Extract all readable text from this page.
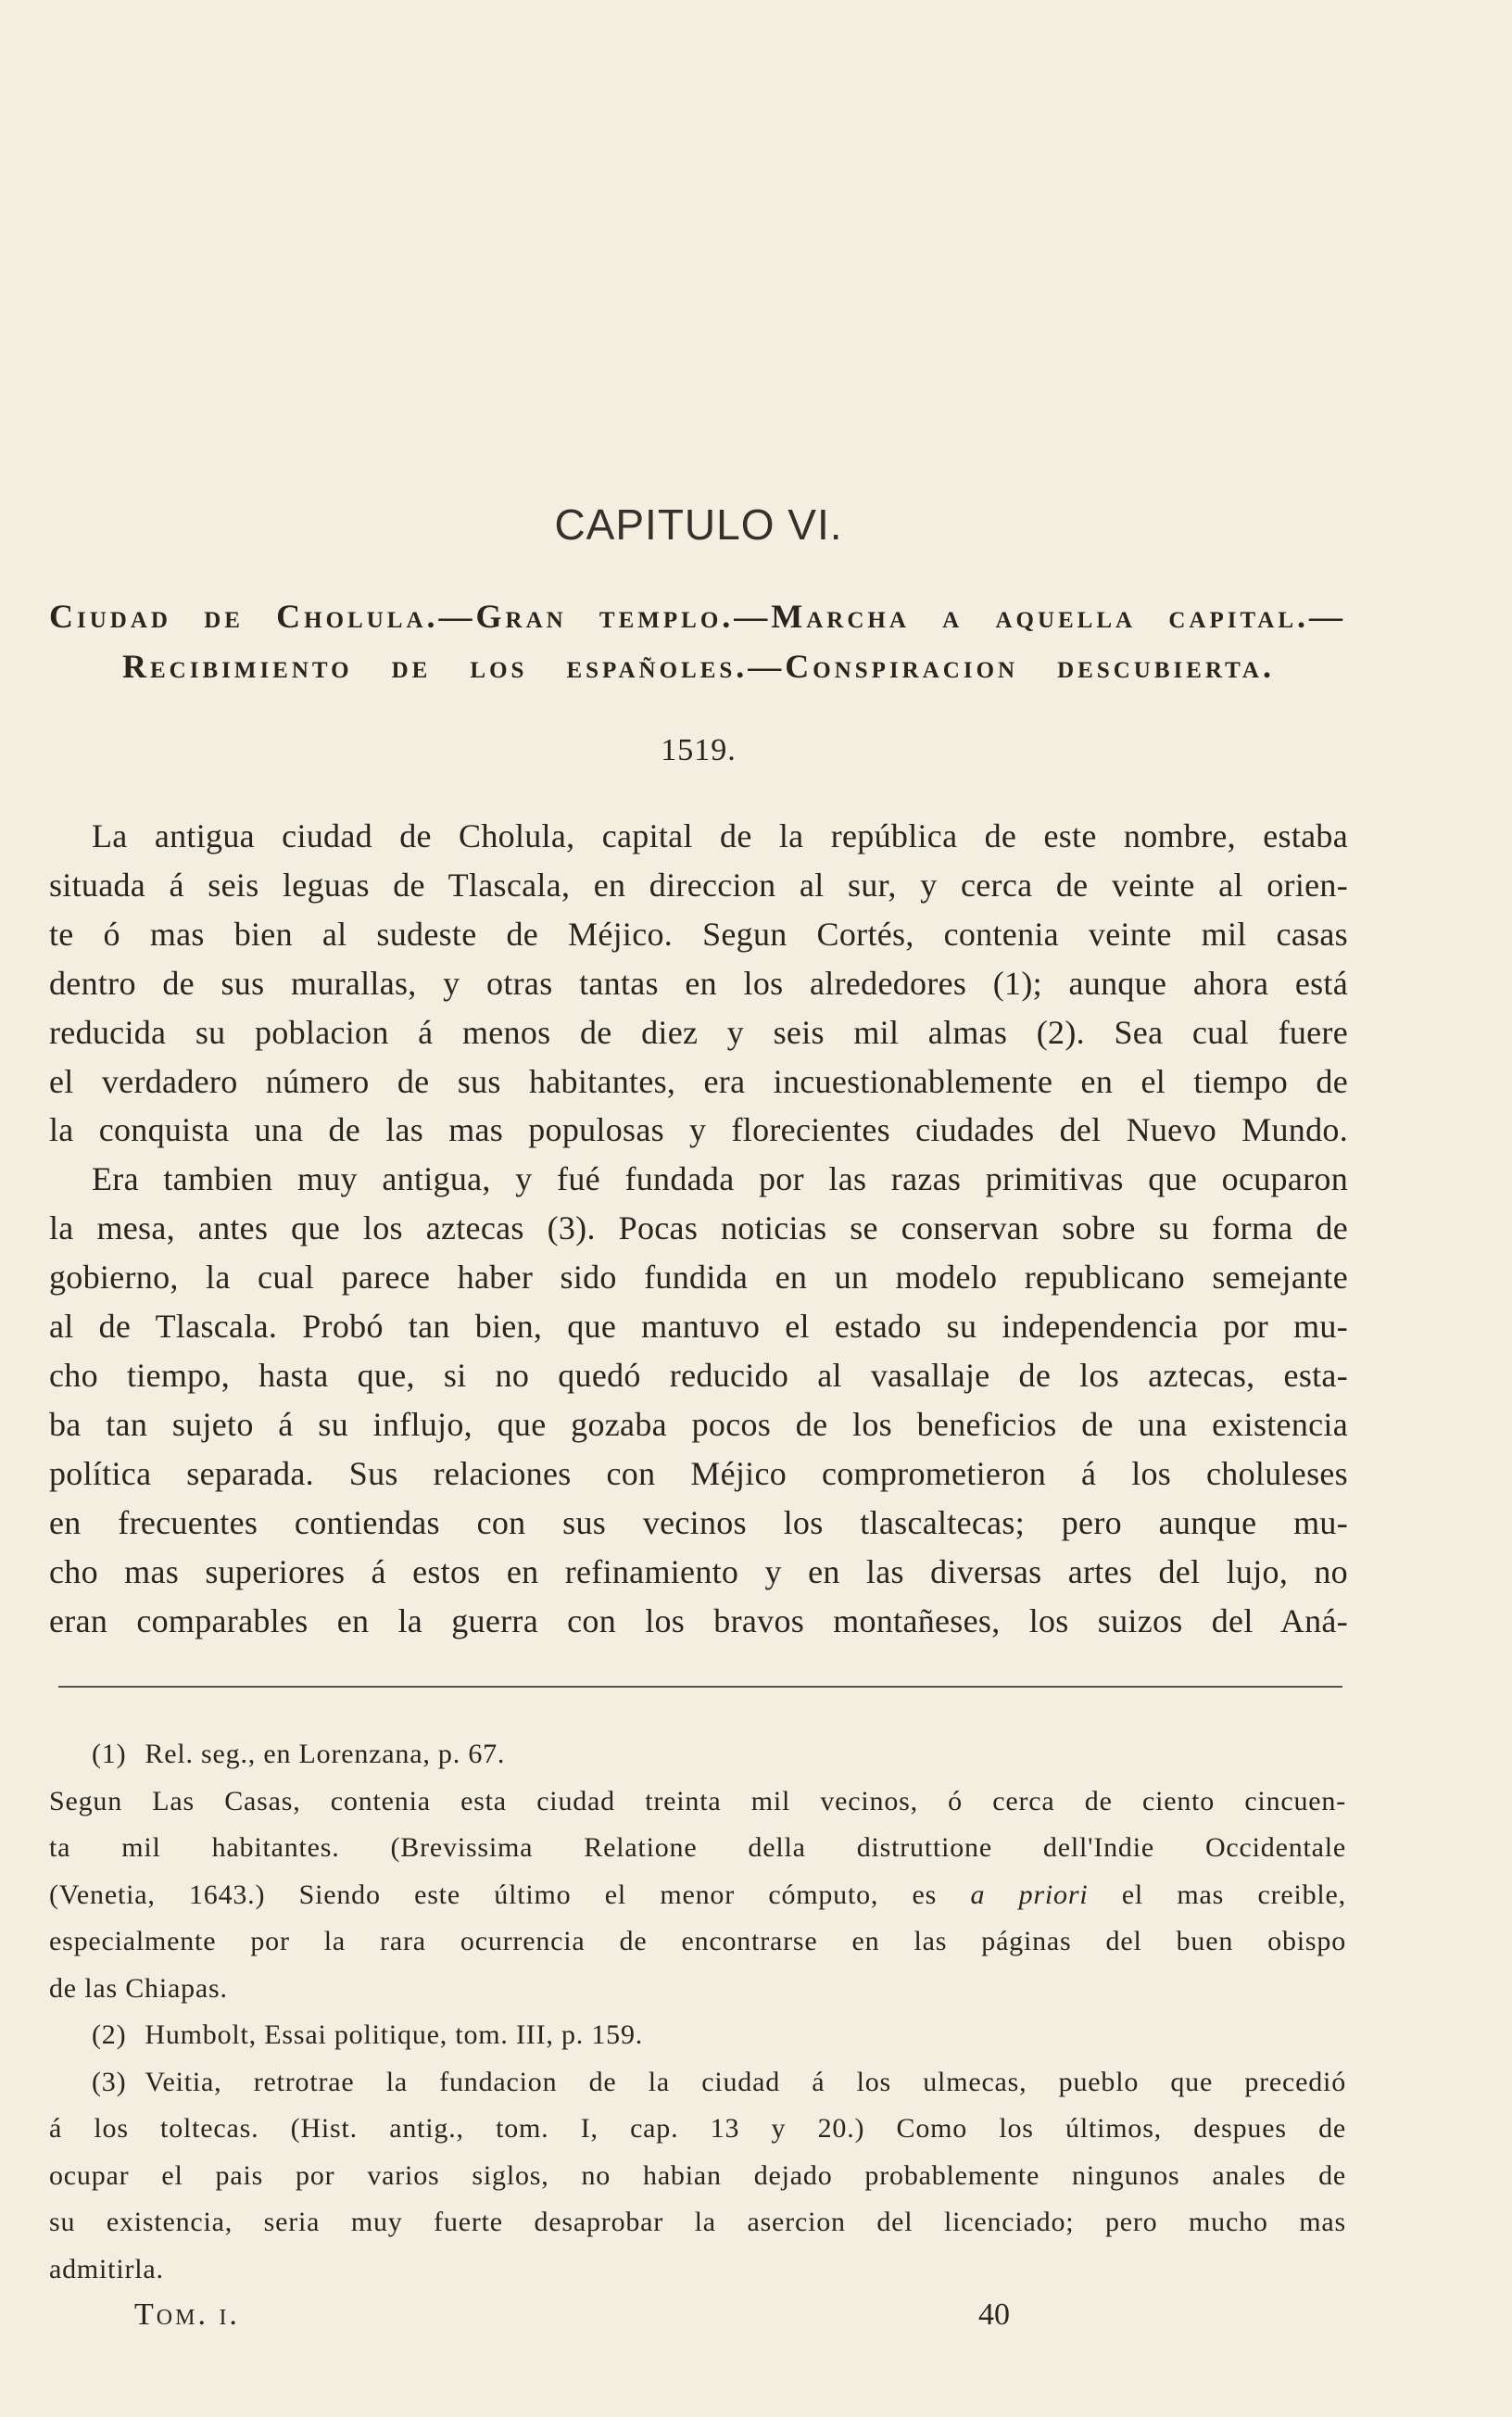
CAPITULO VI.
Ciudad de Cholula.—Gran templo.—Marcha a aquella capital.—
Recibimiento de los españoles.—Conspiracion descubierta.
1519.
La antigua ciudad de Cholula, capital de la república de este nombre, estaba
situada á seis leguas de Tlascala, en direccion al sur, y cerca de veinte al orien-
te ó mas bien al sudeste de Méjico. Segun Cortés, contenia veinte mil casas
dentro de sus murallas, y otras tantas en los alrededores (1); aunque ahora está
reducida su poblacion á menos de diez y seis mil almas (2). Sea cual fuere
el verdadero número de sus habitantes, era incuestionablemente en el tiempo de
la conquista una de las mas populosas y florecientes ciudades del Nuevo Mundo.
Era tambien muy antigua, y fué fundada por las razas primitivas que ocuparon
la mesa, antes que los aztecas (3). Pocas noticias se conservan sobre su forma de
gobierno, la cual parece haber sido fundida en un modelo republicano semejante
al de Tlascala. Probó tan bien, que mantuvo el estado su independencia por mu-
cho tiempo, hasta que, si no quedó reducido al vasallaje de los aztecas, esta-
ba tan sujeto á su influjo, que gozaba pocos de los beneficios de una existencia
política separada. Sus relaciones con Méjico comprometieron á los choluleses
en frecuentes contiendas con sus vecinos los tlascaltecas; pero aunque mu-
cho mas superiores á estos en refinamiento y en las diversas artes del lujo, no
eran comparables en la guerra con los bravos montañeses, los suizos del Aná-
(1) Rel. seg., en Lorenzana, p. 67.
Segun Las Casas, contenia esta ciudad treinta mil vecinos, ó cerca de ciento cincuen-
ta mil habitantes. (Brevissima Relatione della distruttione dell'Indie Occidentale
(Venetia, 1643.) Siendo este último el menor cómputo, es a priori el mas creible,
especialmente por la rara ocurrencia de encontrarse en las páginas del buen obispo
de las Chiapas.
(2) Humbolt, Essai politique, tom. III, p. 159.
(3) Veitia, retrotrae la fundacion de la ciudad á los ulmecas, pueblo que precedió
á los toltecas. (Hist. antig., tom. I, cap. 13 y 20.) Como los últimos, despues de
ocupar el pais por varios siglos, no habian dejado probablemente ningunos anales de
su existencia, seria muy fuerte desaprobar la asercion del licenciado; pero mucho mas
admitirla.
Tom. i.	40
